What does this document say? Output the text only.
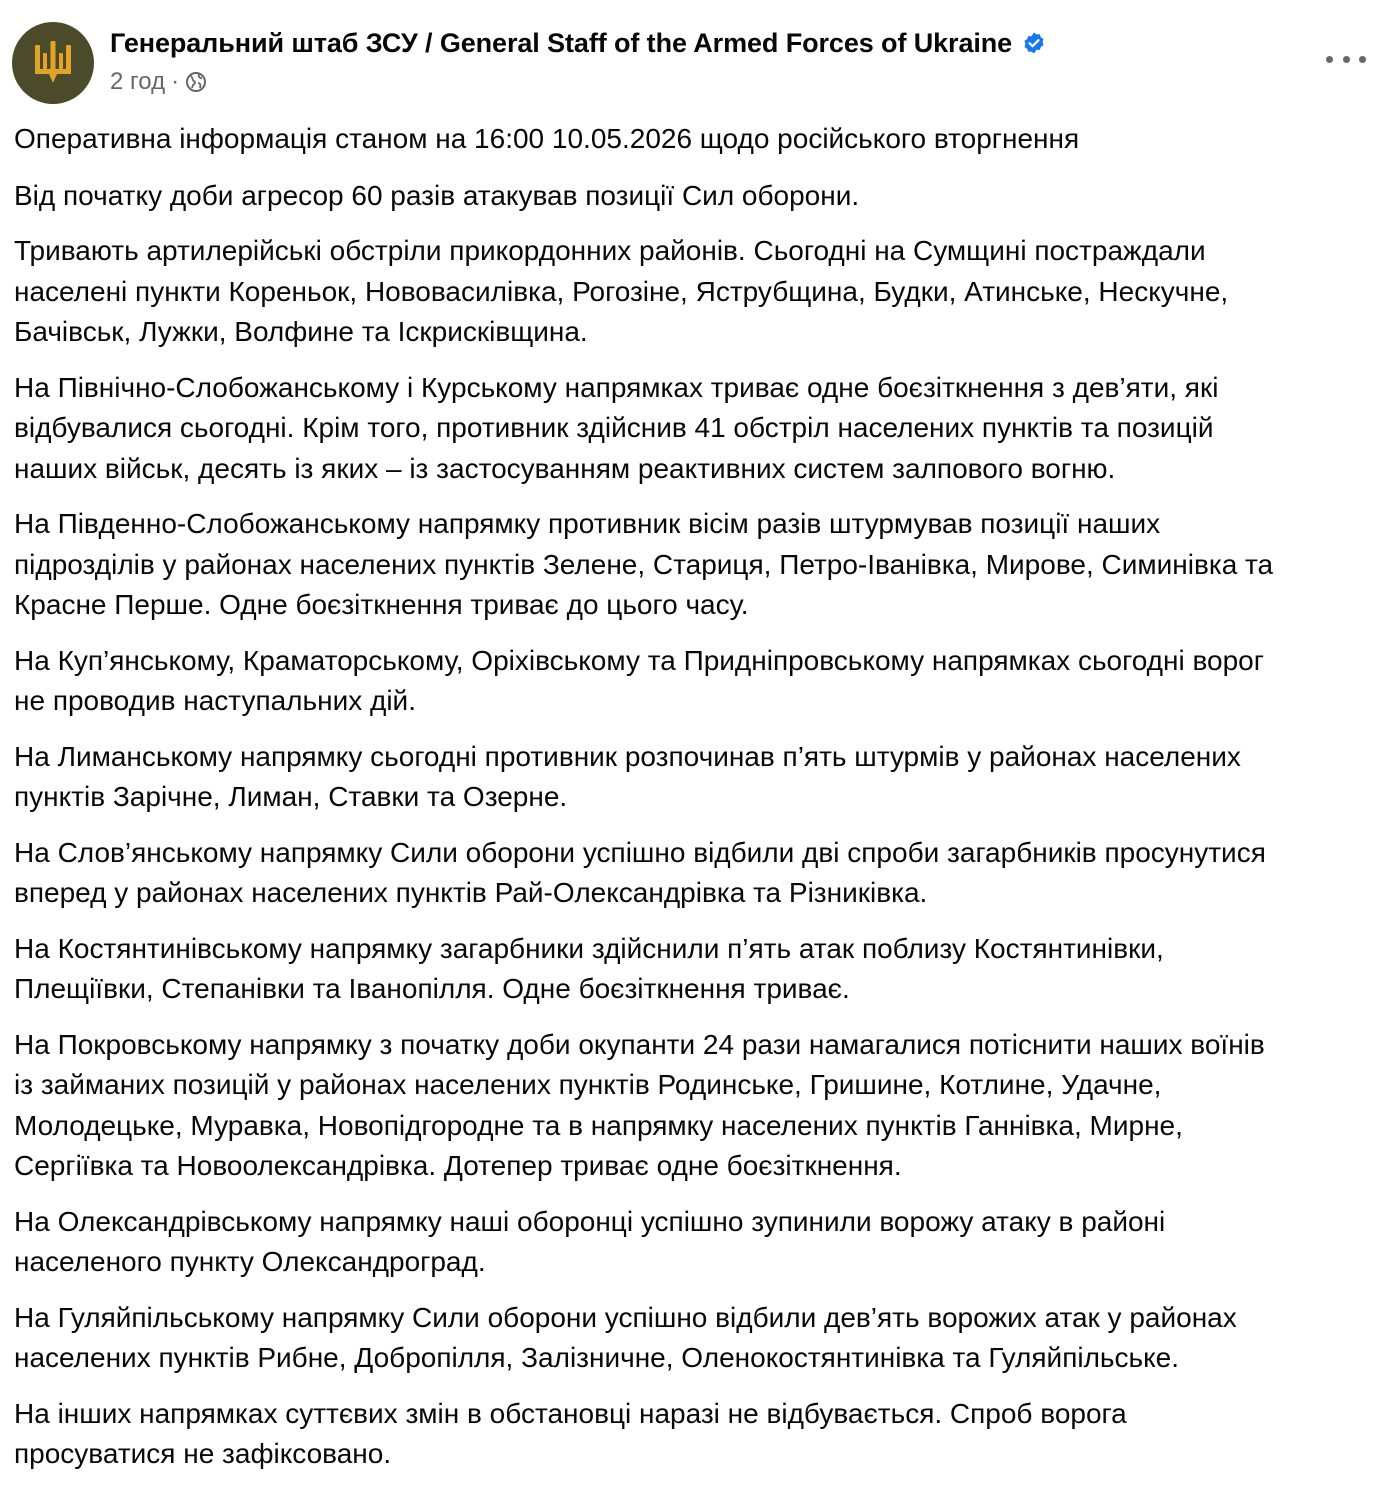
Генеральний штаб ЗСУ / General Staff of the Armed Forces of Ukraine
2 год ·

Оперативна інформація станом на 16:00 10.05.2026 щодо російського вторгнення

Від початку доби агресор 60 разів атакував позиції Сил оборони.

Тривають артилерійські обстріли прикордонних районів. Сьогодні на Сумщині постраждали
населені пункти Кореньок, Нововасилівка, Рогозіне, Яструбщина, Будки, Атинське, Нескучне,
Бачівськ, Лужки, Волфине та Іскрисківщина.

На Північно-Слобожанському і Курському напрямках триває одне боєзіткнення з дев’яти, які
відбувалися сьогодні. Крім того, противник здійснив 41 обстріл населених пунктів та позицій
наших військ, десять із яких – із застосуванням реактивних систем залпового вогню.

На Південно-Слобожанському напрямку противник вісім разів штурмував позиції наших
підрозділів у районах населених пунктів Зелене, Стариця, Петро-Іванівка, Мирове, Симинівка та
Красне Перше. Одне боєзіткнення триває до цього часу.

На Куп’янському, Краматорському, Оріхівському та Придніпровському напрямках сьогодні ворог
не проводив наступальних дій.

На Лиманському напрямку сьогодні противник розпочинав п’ять штурмів у районах населених
пунктів Зарічне, Лиман, Ставки та Озерне.

На Слов’янському напрямку Сили оборони успішно відбили дві спроби загарбників просунутися
вперед у районах населених пунктів Рай-Олександрівка та Різниківка.

На Костянтинівському напрямку загарбники здійснили п’ять атак поблизу Костянтинівки,
Плещіївки, Степанівки та Іванопілля. Одне боєзіткнення триває.

На Покровському напрямку з початку доби окупанти 24 рази намагалися потіснити наших воїнів
із займаних позицій у районах населених пунктів Родинське, Гришине, Котлине, Удачне,
Молодецьке, Муравка, Новопідгородне та в напрямку населених пунктів Ганнівка, Мирне,
Сергіївка та Новоолександрівка. Дотепер триває одне боєзіткнення.

На Олександрівському напрямку наші оборонці успішно зупинили ворожу атаку в районі
населеного пункту Олександроград.

На Гуляйпільському напрямку Сили оборони успішно відбили дев’ять ворожих атак у районах
населених пунктів Рибне, Добропілля, Залізничне, Оленокостянтинівка та Гуляйпільське.

На інших напрямках суттєвих змін в обстановці наразі не відбувається. Спроб ворога
просуватися не зафіксовано.
